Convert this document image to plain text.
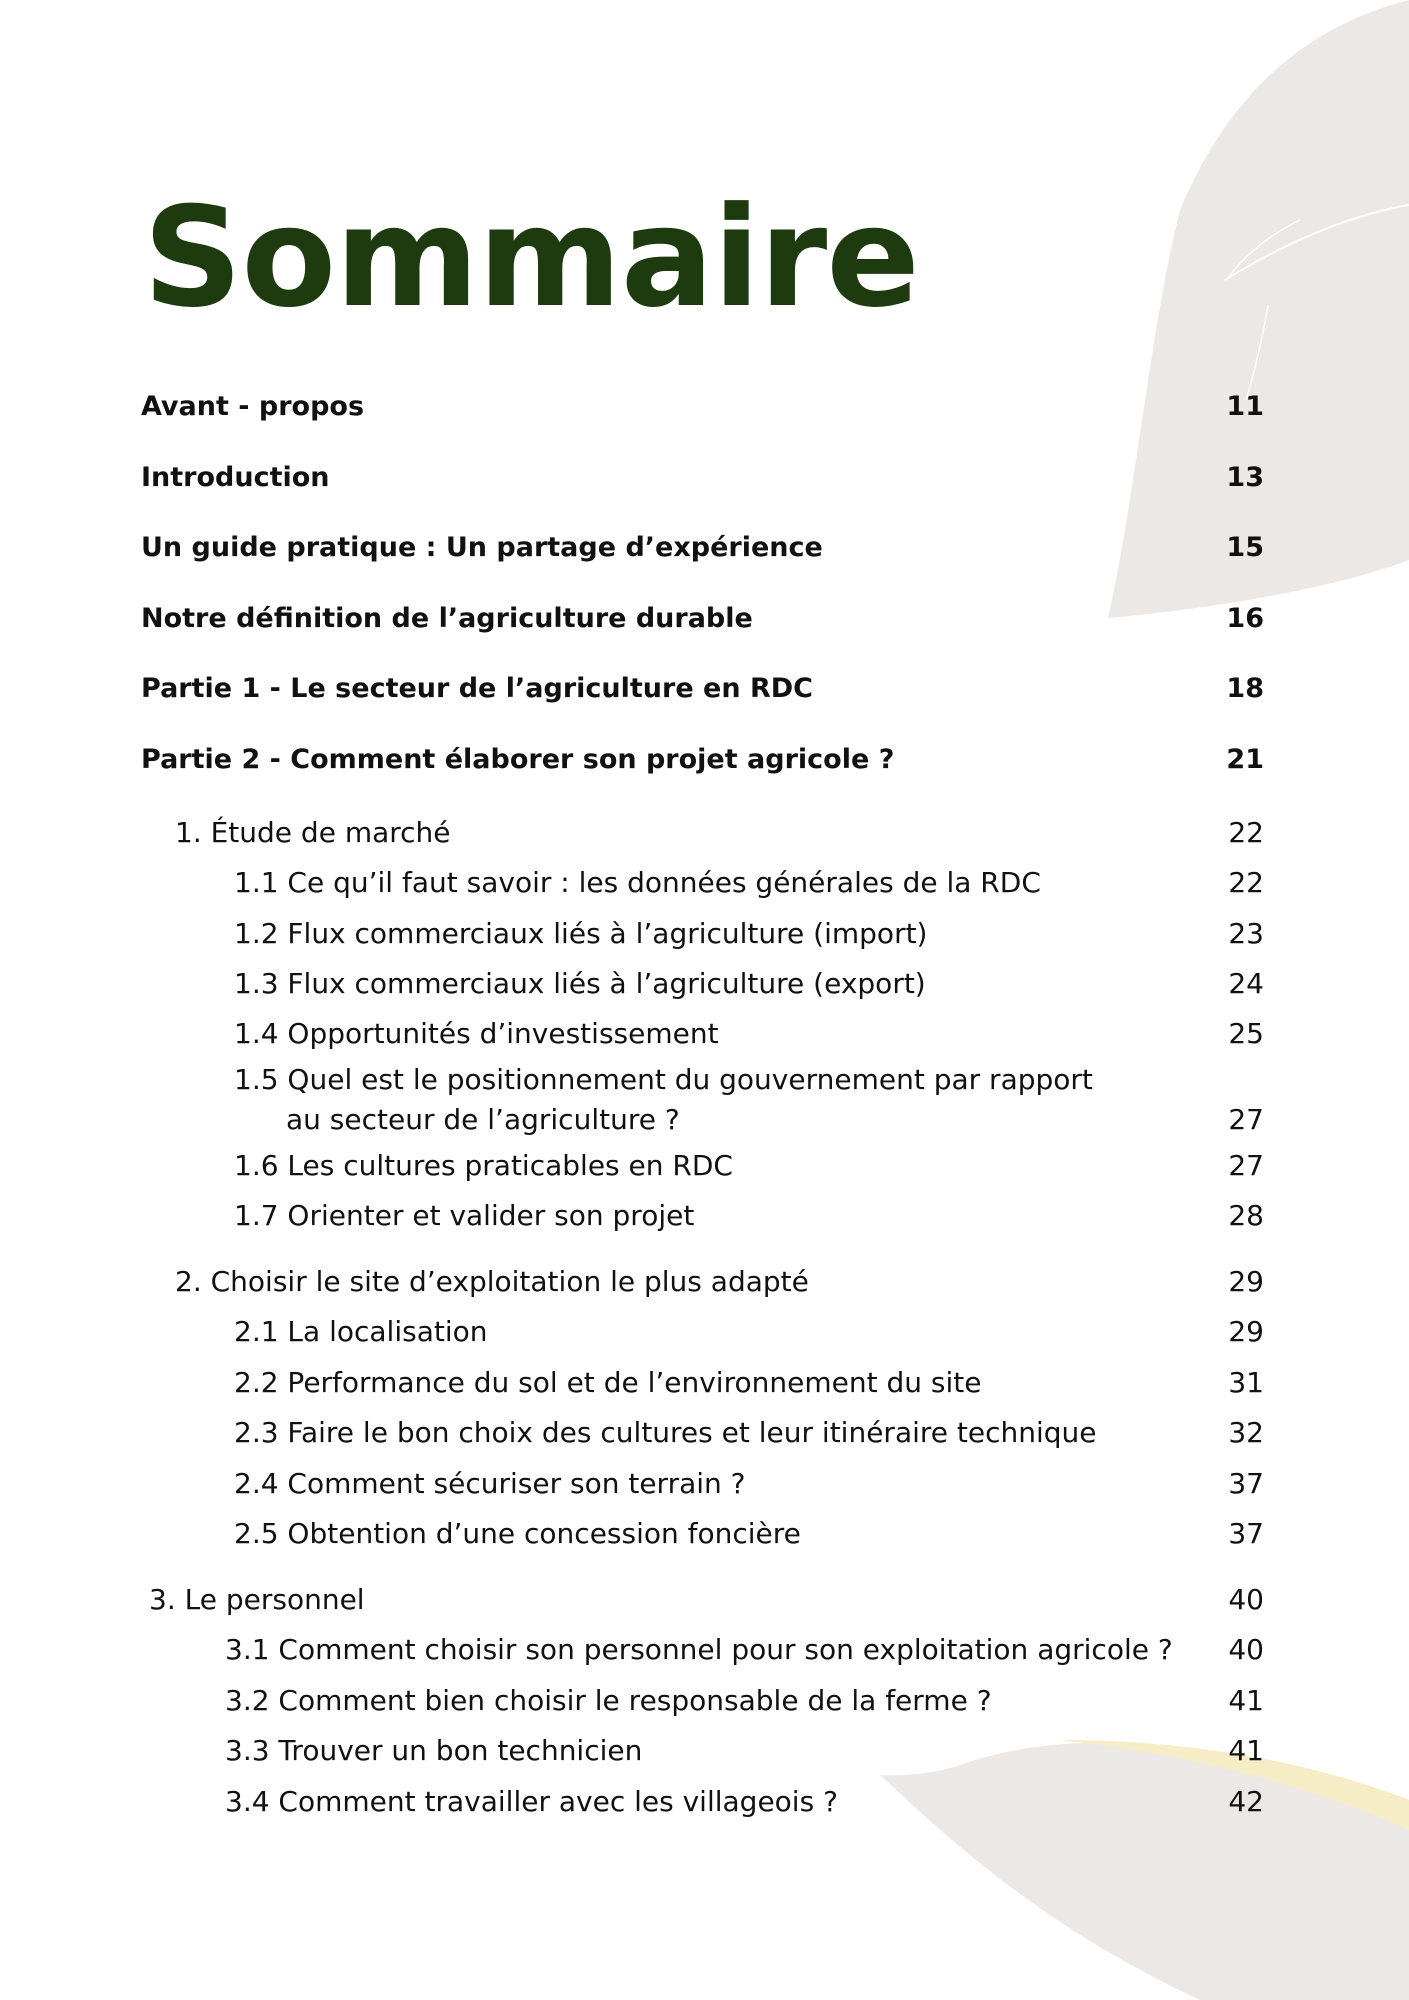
Sommaire
Avant - propos	11
Introduction	13
Un guide pratique : Un partage d’expérience	15
Notre définition de l’agriculture durable	16
Partie 1 - Le secteur de l’agriculture en RDC	18
Partie 2 - Comment élaborer son projet agricole ?	21
1. Étude de marché	22
1.1 Ce qu’il faut savoir : les données générales de la RDC	22
1.2 Flux commerciaux liés à l’agriculture (import)	23
1.3 Flux commerciaux liés à l’agriculture (export)	24
1.4 Opportunités d’investissement	25
1.5 Quel est le positionnement du gouvernement par rapport
au secteur de l’agriculture ?	27
1.6 Les cultures praticables en RDC	27
1.7 Orienter et valider son projet	28
2. Choisir le site d’exploitation le plus adapté	29
2.1 La localisation	29
2.2 Performance du sol et de l’environnement du site	31
2.3 Faire le bon choix des cultures et leur itinéraire technique	32
2.4 Comment sécuriser son terrain ?	37
2.5 Obtention d’une concession foncière	37
3. Le personnel	40
3.1 Comment choisir son personnel pour son exploitation agricole ? 40
3.2 Comment bien choisir le responsable de la ferme ?	41
3.3 Trouver un bon technicien	41
3.4 Comment travailler avec les villageois ?	42
